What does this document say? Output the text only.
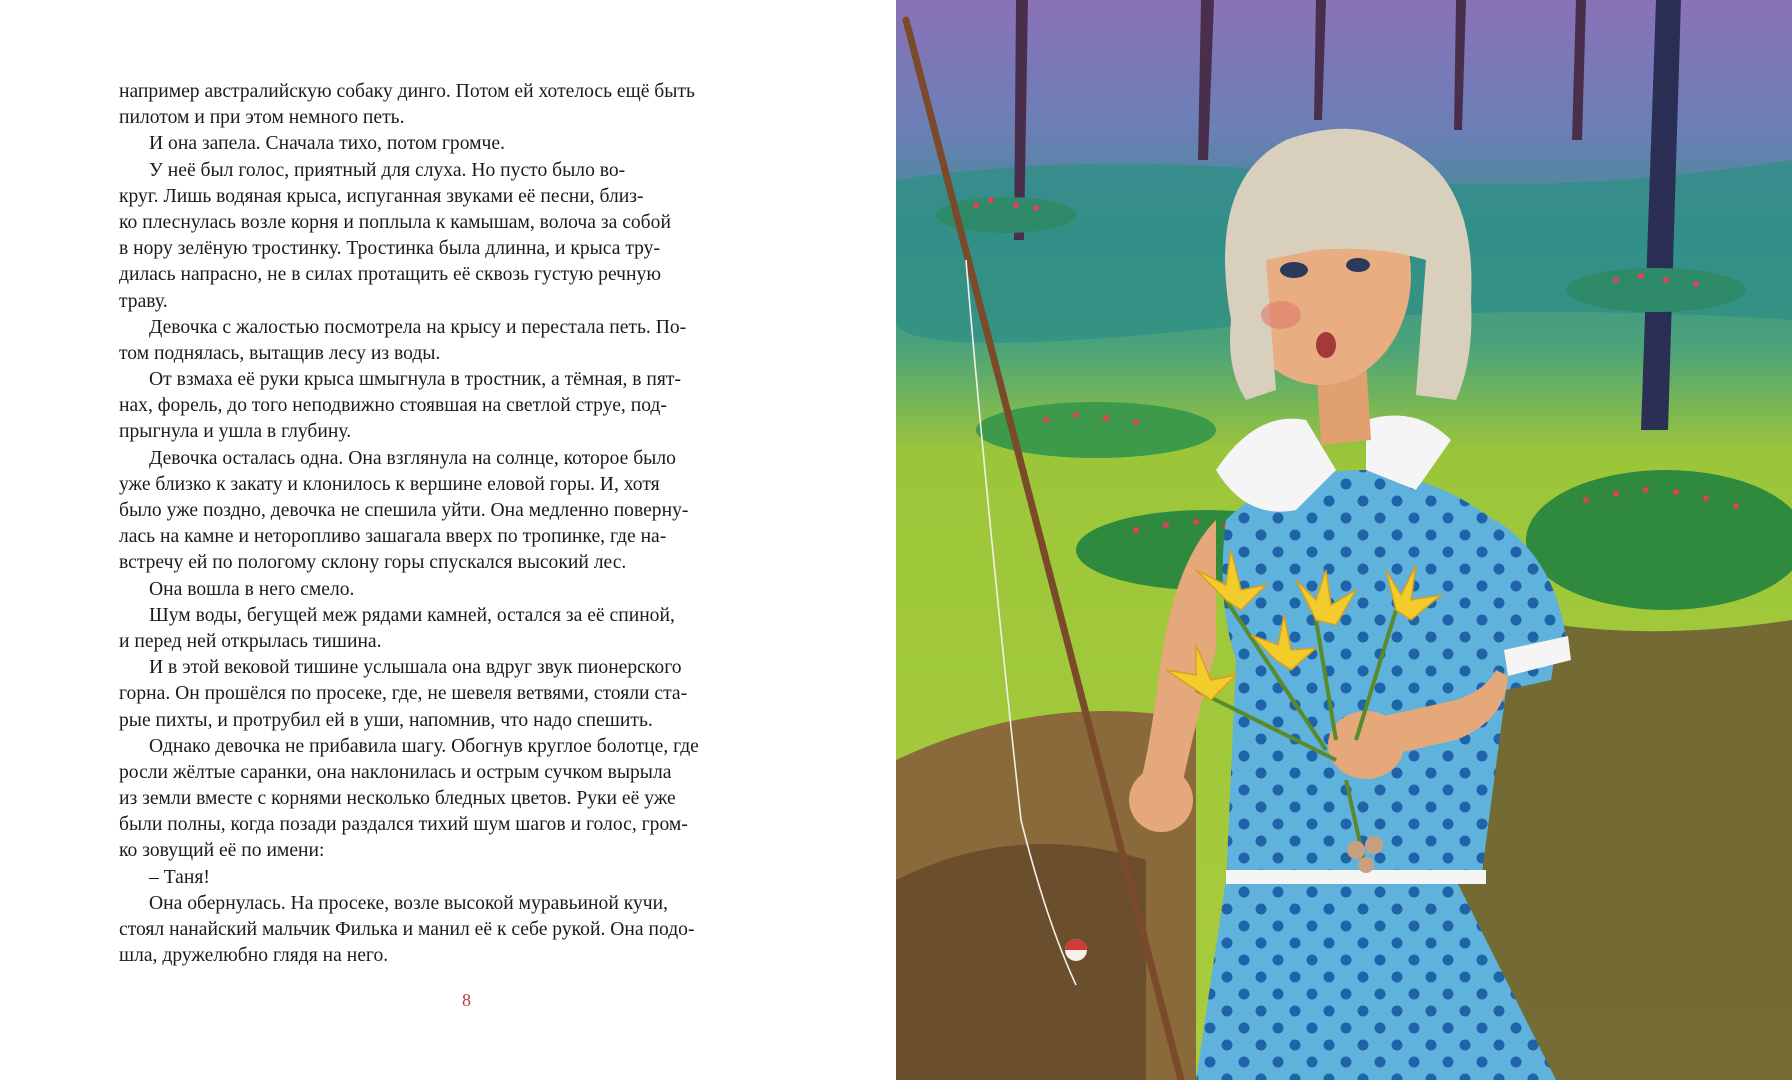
например австралийскую собаку динго. Потом ей хотелось ещё быть
пилотом и при этом немного петь.
И она запела. Сначала тихо, потом громче.
У неё был голос, приятный для слуха. Но пусто было во-
круг. Лишь водяная крыса, испуганная звуками её песни, близ-
ко плеснулась возле корня и поплыла к камышам, волоча за собой
в нору зелёную тростинку. Тростинка была длинна, и крыса тру-
дилась напрасно, не в силах протащить её сквозь густую речную
траву.
Девочка с жалостью посмотрела на крысу и перестала петь. По-
том поднялась, вытащив лесу из воды.
От взмаха её руки крыса шмыгнула в тростник, а тёмная, в пят-
нах, форель, до того неподвижно стоявшая на светлой струе, под-
прыгнула и ушла в глубину.
Девочка осталась одна. Она взглянула на солнце, которое было
уже близко к закату и клонилось к вершине еловой горы. И, хотя
было уже поздно, девочка не спешила уйти. Она медленно поверну-
лась на камне и неторопливо зашагала вверх по тропинке, где на-
встречу ей по пологому склону горы спускался высокий лес.
Она вошла в него смело.
Шум воды, бегущей меж рядами камней, остался за её спиной,
и перед ней открылась тишина.
И в этой вековой тишине услышала она вдруг звук пионерского
горна. Он прошёлся по просеке, где, не шевеля ветвями, стояли ста-
рые пихты, и протрубил ей в уши, напомнив, что надо спешить.
Однако девочка не прибавила шагу. Обогнув круглое болотце, где
росли жёлтые саранки, она наклонилась и острым сучком вырыла
из земли вместе с корнями несколько бледных цветов. Руки её уже
были полны, когда позади раздался тихий шум шагов и голос, гром-
ко зовущий её по имени:
– Таня!
Она обернулась. На просеке, возле высокой муравьиной кучи,
стоял нанайский мальчик Филька и манил её к себе рукой. Она подо-
шла, дружелюбно глядя на него.
8
